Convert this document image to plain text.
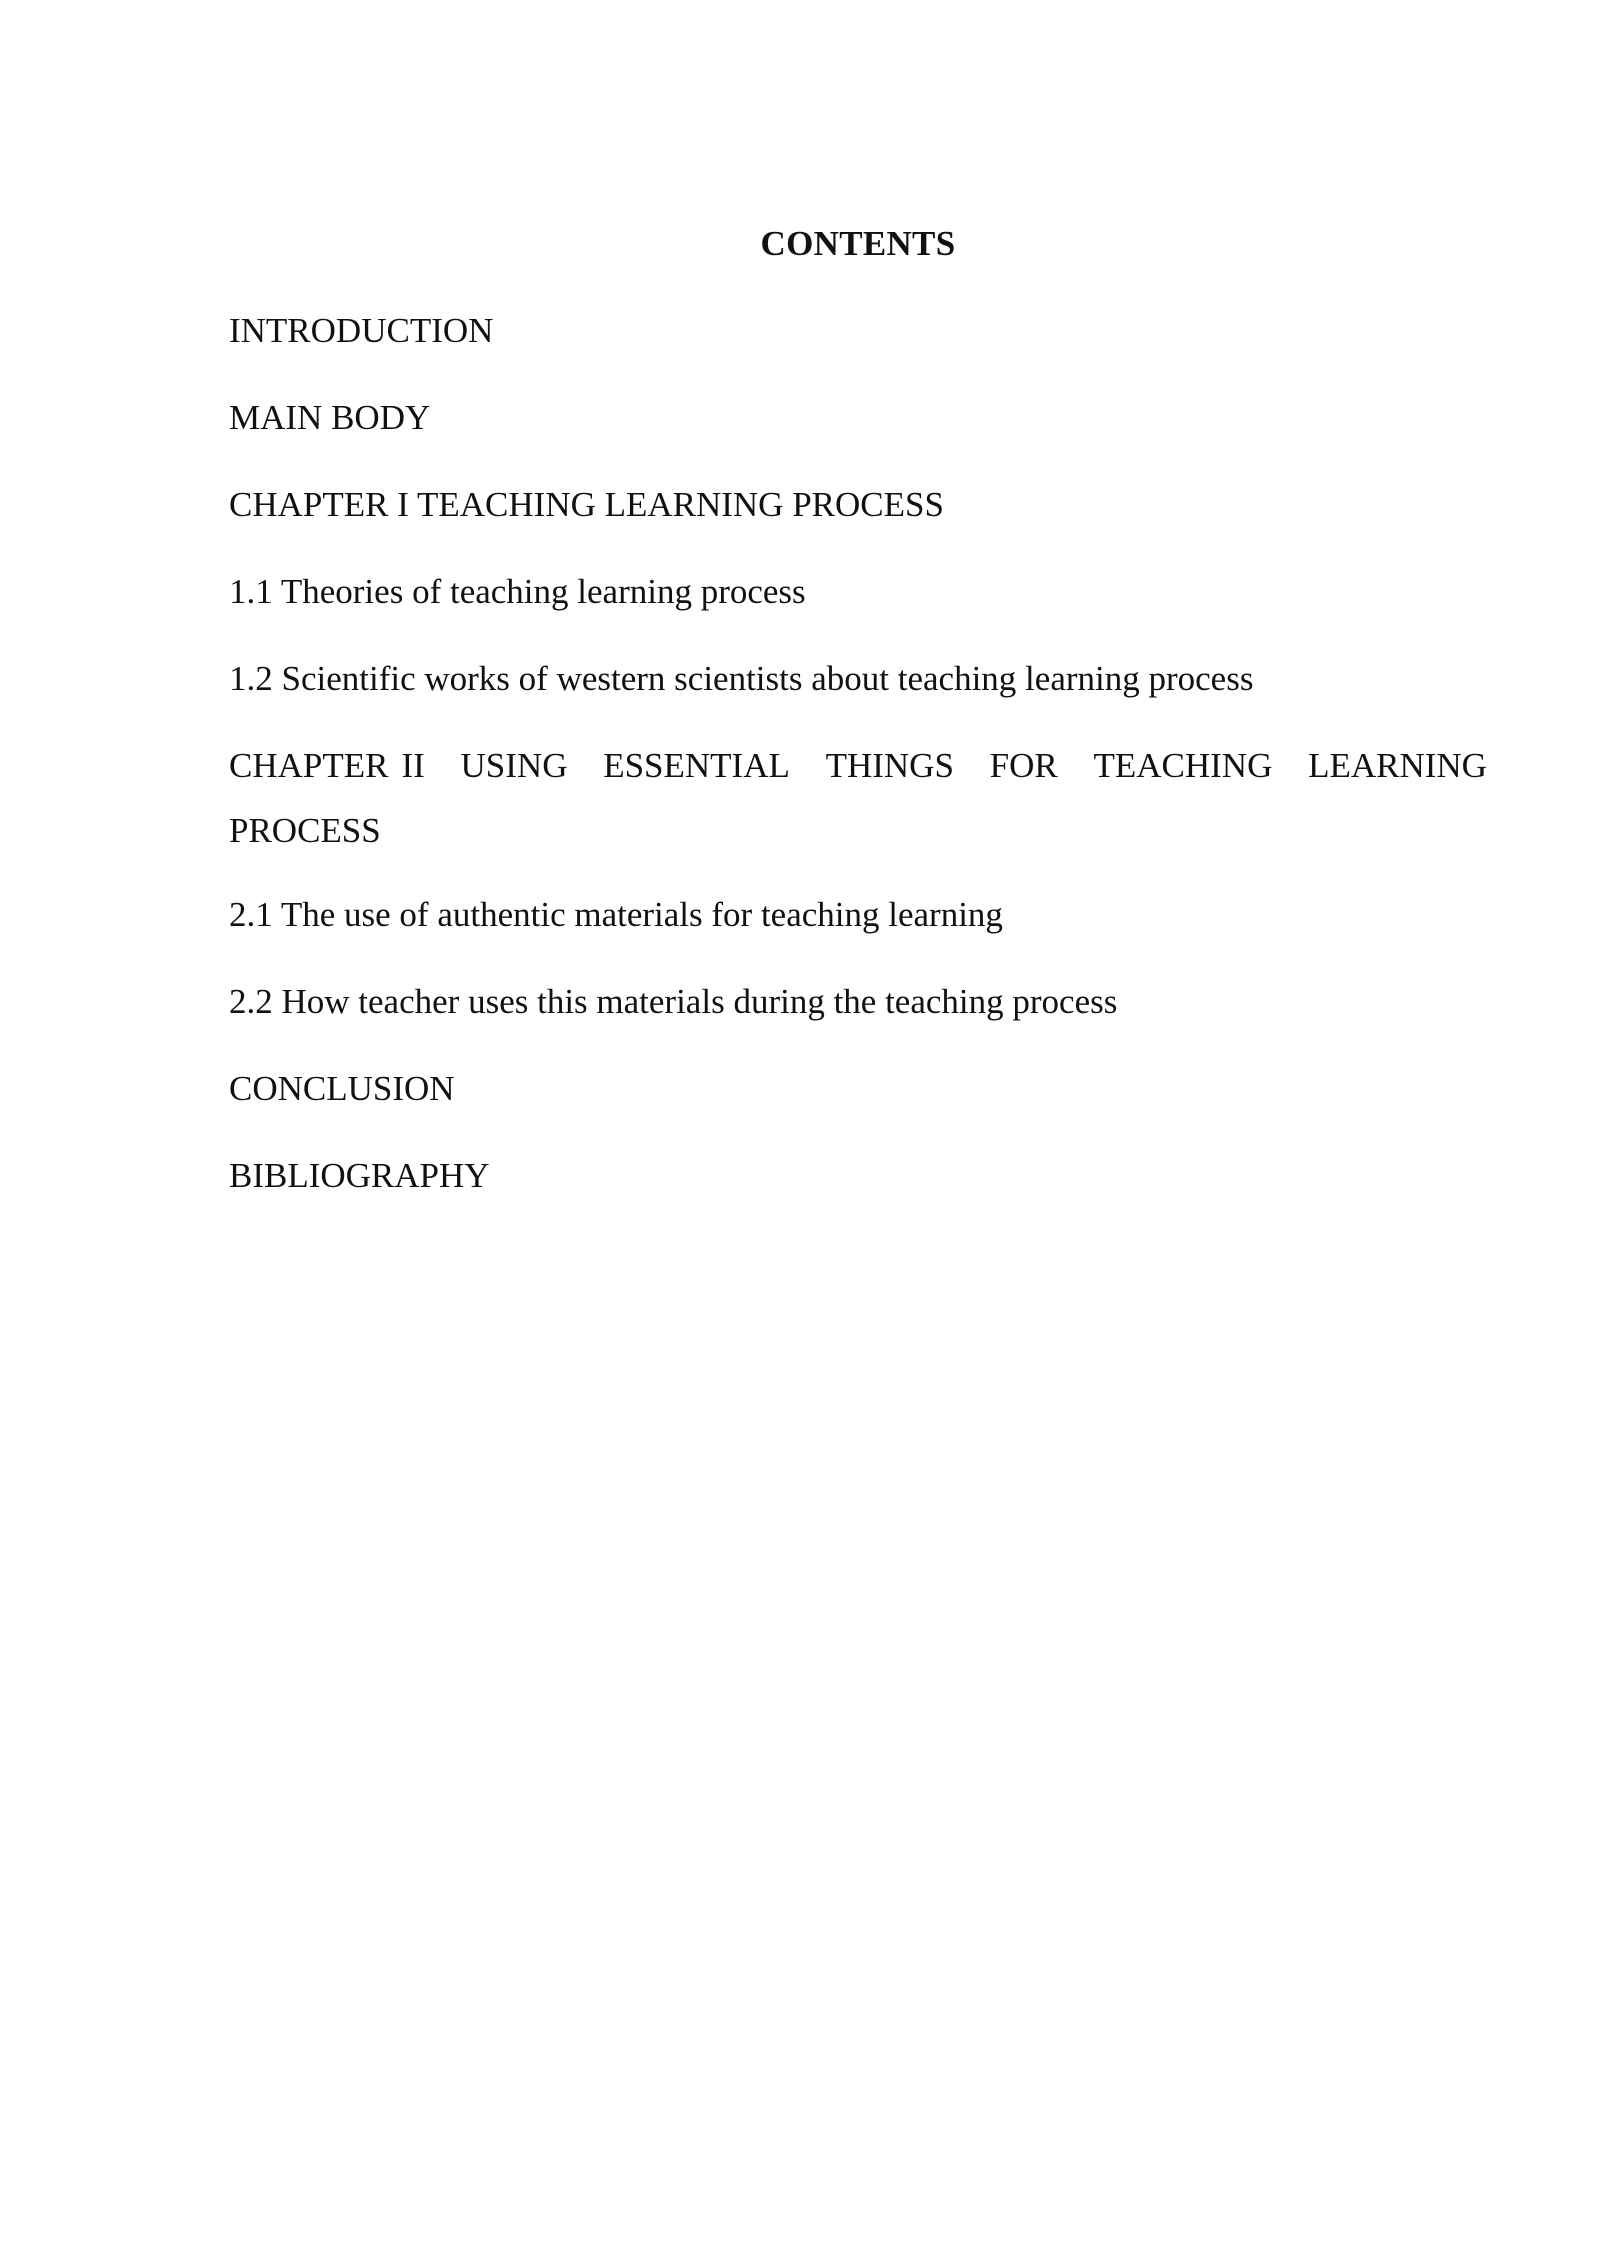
CONTENTS
INTRODUCTION
MAIN BODY
CHAPTER I TEACHING LEARNING PROCESS
1.1 Theories of teaching learning process
1.2 Scientific works of western scientists about teaching learning process
CHAPTER II USING ESSENTIAL THINGS FOR TEACHING LEARNING
PROCESS
2.1 The use of authentic materials for teaching learning
2.2 How teacher uses this materials during the teaching process
CONCLUSION
BIBLIOGRAPHY
